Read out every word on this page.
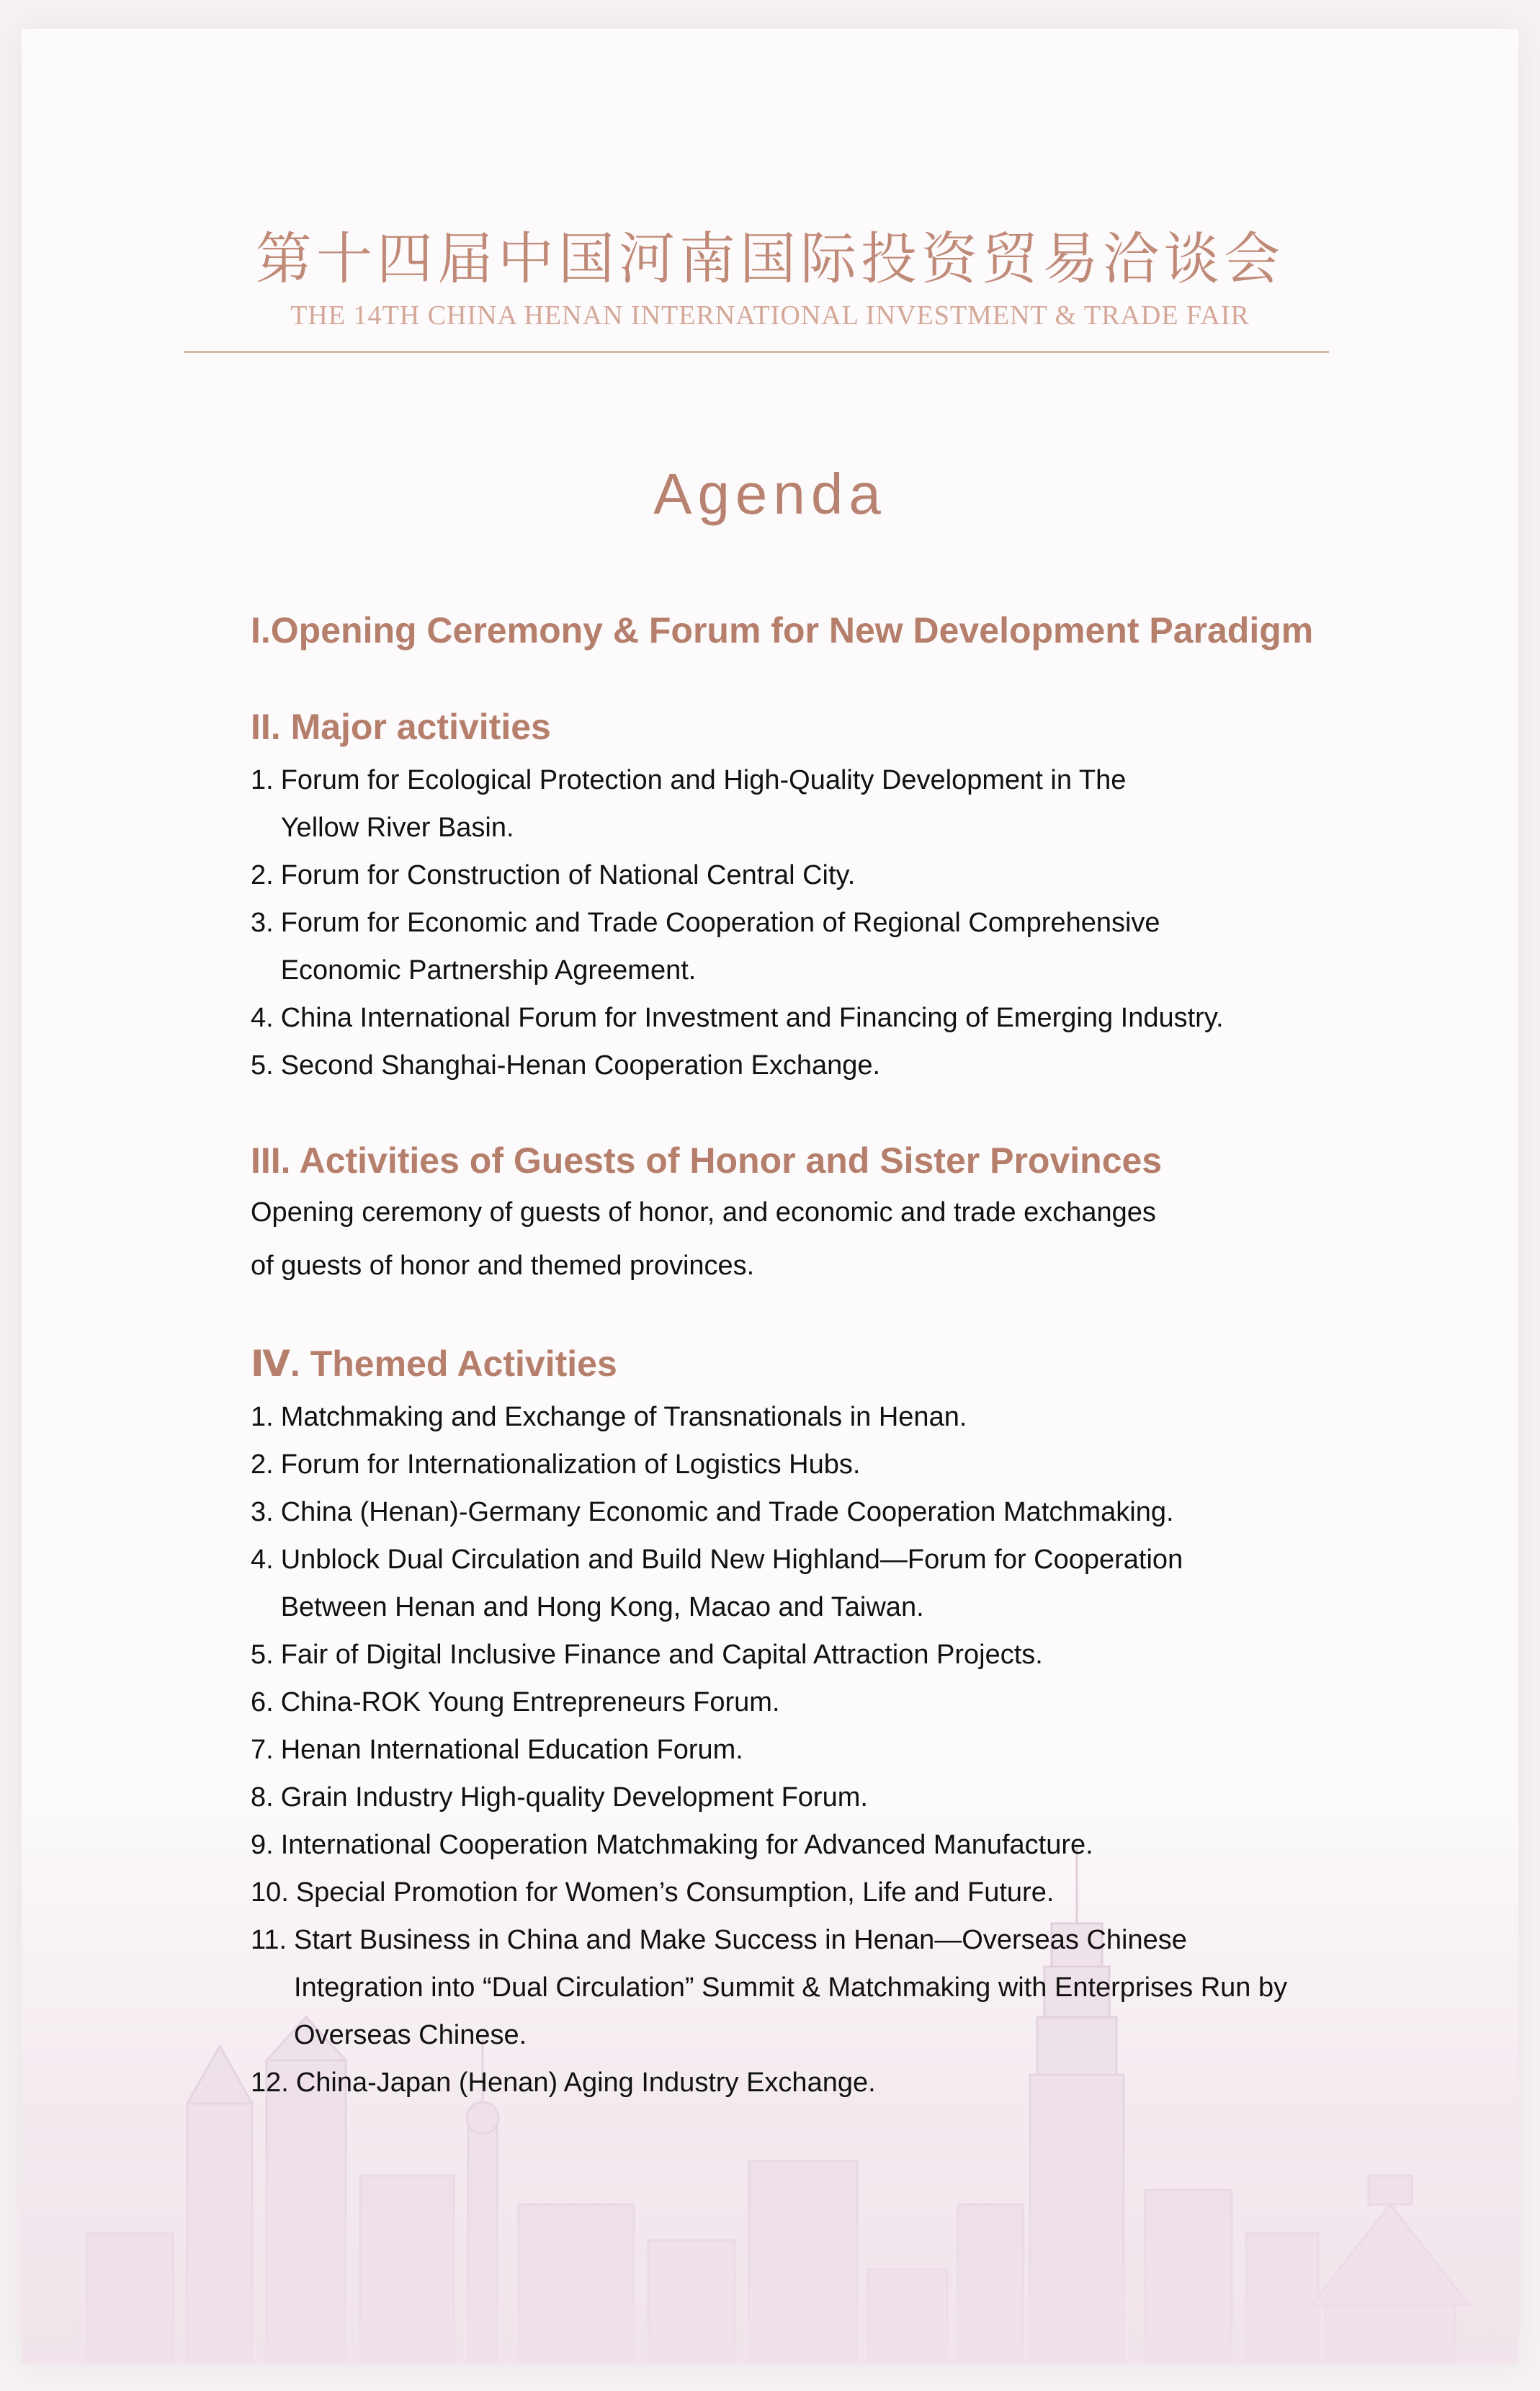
第十四届中国河南国际投资贸易洽谈会
THE 14TH CHINA HENAN INTERNATIONAL INVESTMENT & TRADE FAIR
Agenda
I.Opening Ceremony & Forum for New Development Paradigm
II. Major activities
1. Forum for Ecological Protection and High-Quality Development in The Yellow River Basin.
2. Forum for Construction of National Central City.
3. Forum for Economic and Trade Cooperation of Regional Comprehensive Economic Partnership Agreement.
4. China International Forum for Investment and Financing of Emerging Industry.
5. Second Shanghai-Henan Cooperation Exchange.
III. Activities of Guests of Honor and Sister Provinces
Opening ceremony of guests of honor, and economic and trade exchanges
of guests of honor and themed provinces.
Ⅳ. Themed Activities
1. Matchmaking and Exchange of Transnationals in Henan.
2. Forum for Internationalization of Logistics Hubs.
3. China (Henan)-Germany Economic and Trade Cooperation Matchmaking.
4. Unblock Dual Circulation and Build New Highland—Forum for Cooperation Between Henan and Hong Kong, Macao and Taiwan.
5. Fair of Digital Inclusive Finance and Capital Attraction Projects.
6. China-ROK Young Entrepreneurs Forum.
7. Henan International Education Forum.
8. Grain Industry High-quality Development Forum.
9. International Cooperation Matchmaking for Advanced Manufacture.
10. Special Promotion for Women’s Consumption, Life and Future.
11. Start Business in China and Make Success in Henan—Overseas Chinese Integration into “Dual Circulation” Summit & Matchmaking with Enterprises Run by Overseas Chinese.
12. China-Japan (Henan) Aging Industry Exchange.
